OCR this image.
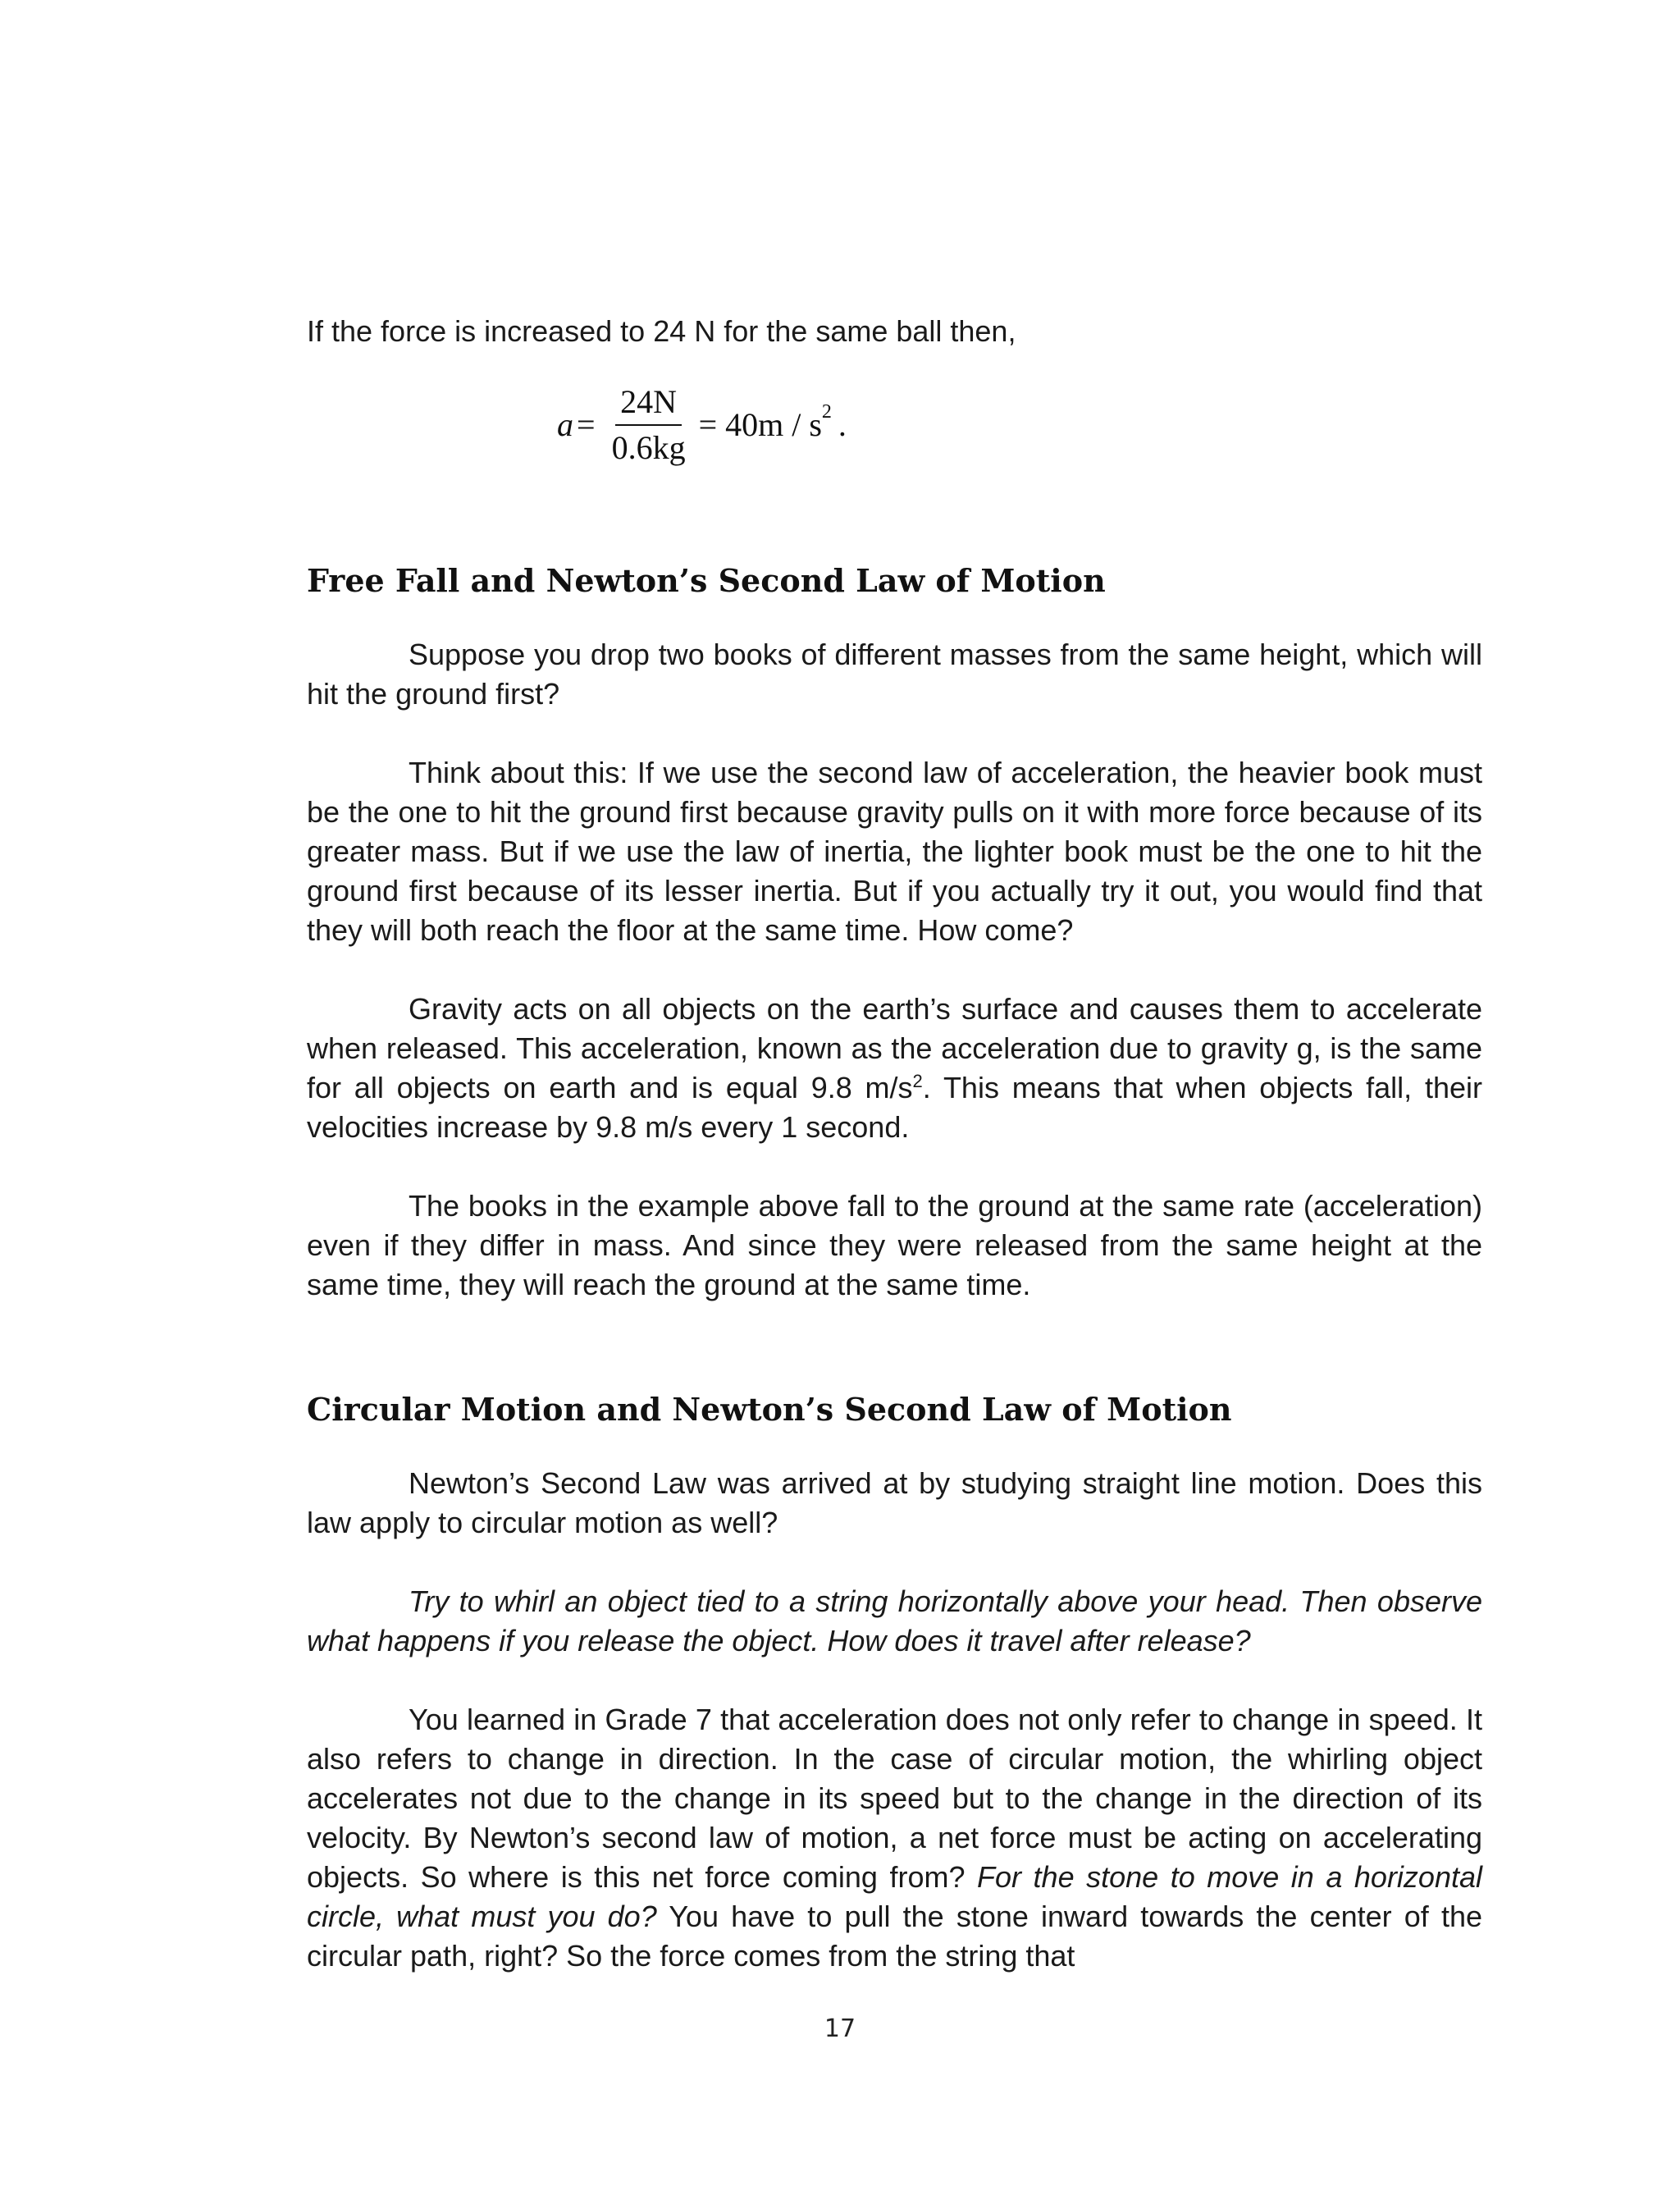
If the force is increased to 24 N for the same ball then,

$a = \frac{24N}{0.6kg} = 40m / s$ 2 .
Free Fall and Newton’s Second Law of Motion

Suppose you drop two books of different masses from the same height, which will hit the ground first?

Think about this: If we use the second law of acceleration, the heavier book must be the one to hit the ground first because gravity pulls on it with more force because of its greater mass. But if we use the law of inertia, the lighter book must be the one to hit the ground first because of its lesser inertia. But if you actually try it out, you would find that they will both reach the floor at the same time. How come?

Gravity acts on all objects on the earth’s surface and causes them to accelerate when released. This acceleration, known as the acceleration due to gravity g, is the same for all objects on earth and is equal 9.8 $m/s^2$. This means that when objects fall, their velocities increase by 9.8 m/s every 1 second.

The books in the example above fall to the ground at the same rate (acceleration) even if they differ in mass. And since they were released from the same height at the same time, they will reach the ground at the same time.

Circular Motion and Newton’s Second Law of Motion

Newton’s Second Law was arrived at by studying straight line motion. Does this law apply to circular motion as well?

Try to whirl an object tied to a string horizontally above your head. Then observe what happens if you release the object. How does it travel after release?

You learned in Grade 7 that acceleration does not only refer to change in speed. It    also refers to change in direction. In the case of circular motion, the whirling object accelerates not due to the change in its speed but to the change in the direction of its velocity. By Newton’s second law of motion, a net force must be acting on accelerating objects. So where is this net force coming from? For the stone to move in a horizontal circle, what must you do? You have to pull the stone inward towards the center of the circular path, right? So the force comes from the string that

17
